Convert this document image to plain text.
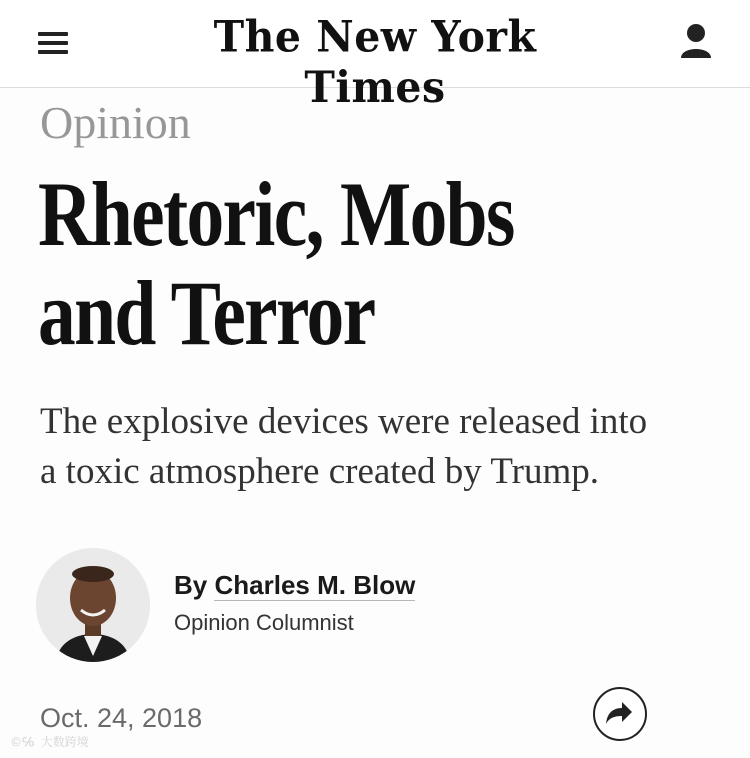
The New York Times
Opinion
Rhetoric, Mobs
and Terror

The explosive devices were released into
a toxic atmosphere created by Trump.

By Charles M. Blow
Opinion Columnist
Oct. 24, 2018
©℅ 大数跨境
